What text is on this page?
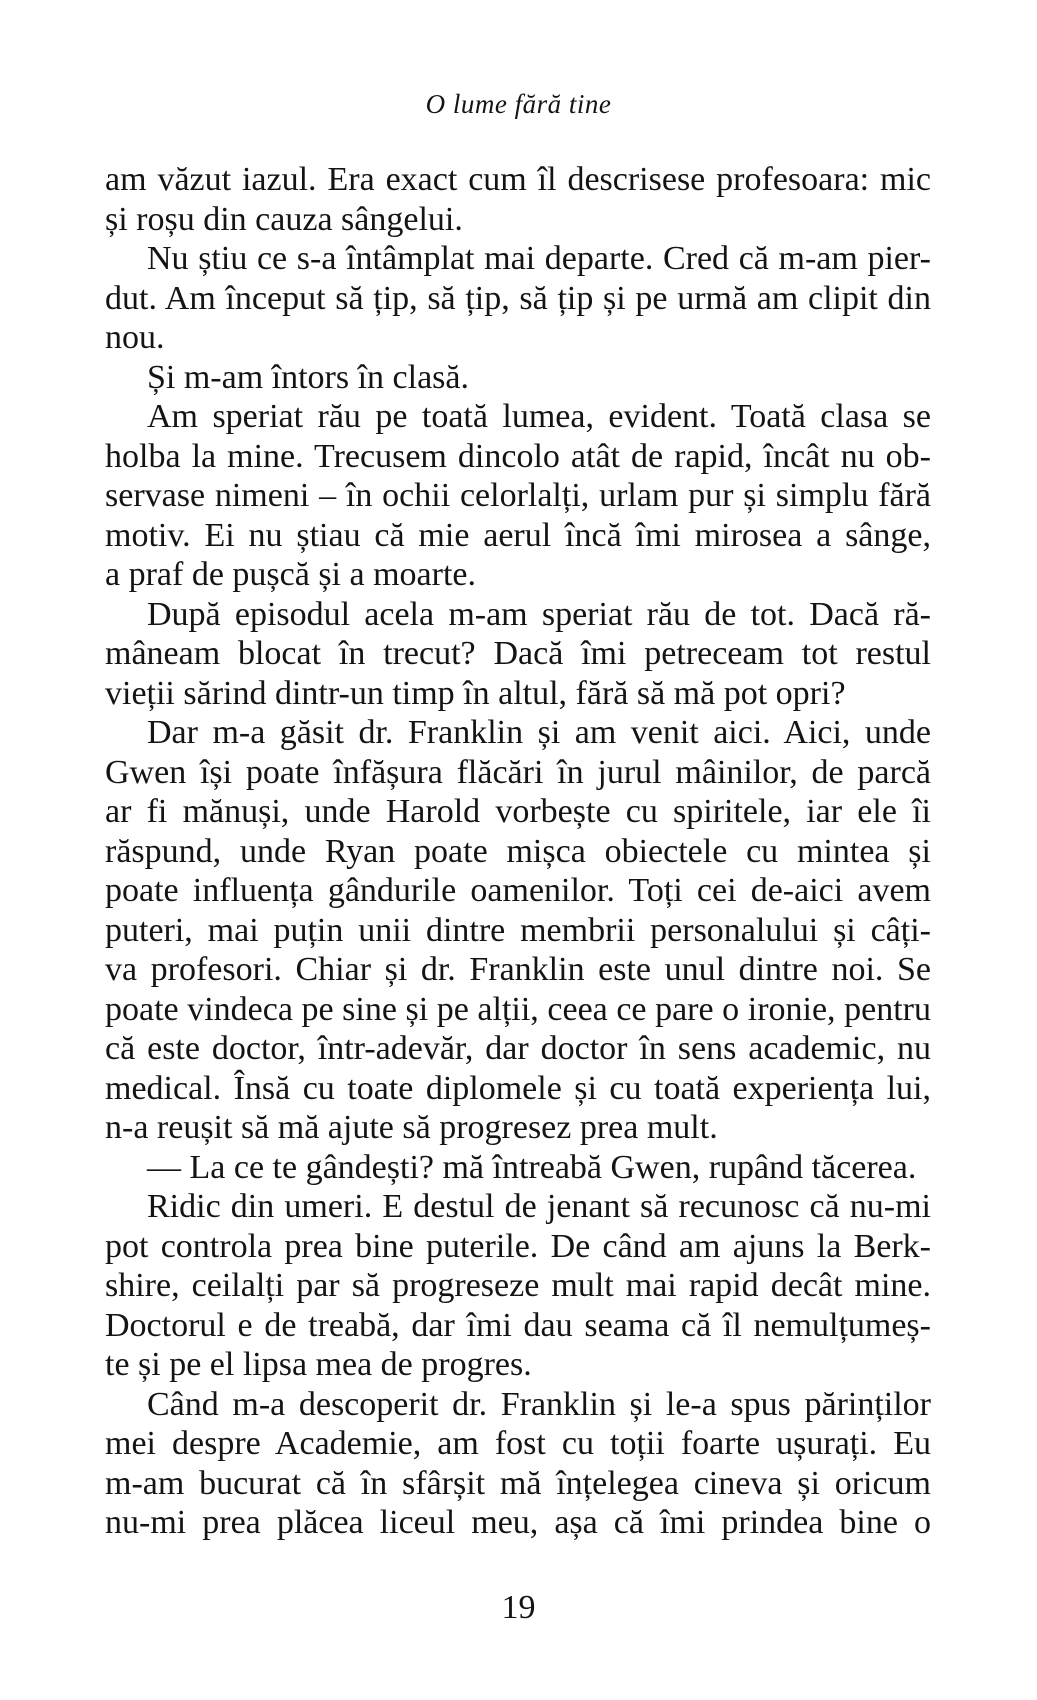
O lume fără tine
am văzut iazul. Era exact cum îl descrisese profesoara: mic
și roșu din cauza sângelui.
Nu știu ce s-a întâmplat mai departe. Cred că m-am pier-
dut. Am început să țip, să țip, să țip și pe urmă am clipit din
nou.
Și m-am întors în clasă.
Am speriat rău pe toată lumea, evident. Toată clasa se
holba la mine. Trecusem dincolo atât de rapid, încât nu ob-
servase nimeni – în ochii celorlalți, urlam pur și simplu fără
motiv. Ei nu știau că mie aerul încă îmi mirosea a sânge,
a praf de pușcă și a moarte.
După episodul acela m-am speriat rău de tot. Dacă ră-
mâneam blocat în trecut? Dacă îmi petreceam tot restul
vieții sărind dintr-un timp în altul, fără să mă pot opri?
Dar m-a găsit dr. Franklin și am venit aici. Aici, unde
Gwen își poate înfășura flăcări în jurul mâinilor, de parcă
ar fi mănuși, unde Harold vorbește cu spiritele, iar ele îi
răspund, unde Ryan poate mișca obiectele cu mintea și
poate influența gândurile oamenilor. Toți cei de-aici avem
puteri, mai puțin unii dintre membrii personalului și câți-
va profesori. Chiar și dr. Franklin este unul dintre noi. Se
poate vindeca pe sine și pe alții, ceea ce pare o ironie, pentru
că este doctor, într-adevăr, dar doctor în sens academic, nu
medical. Însă cu toate diplomele și cu toată experiența lui,
n-a reușit să mă ajute să progresez prea mult.
— La ce te gândești? mă întreabă Gwen, rupând tăcerea.
Ridic din umeri. E destul de jenant să recunosc că nu-mi
pot controla prea bine puterile. De când am ajuns la Berk-
shire, ceilalți par să progreseze mult mai rapid decât mine.
Doctorul e de treabă, dar îmi dau seama că îl nemulțumeș-
te și pe el lipsa mea de progres.
Când m-a descoperit dr. Franklin și le-a spus părinților
mei despre Academie, am fost cu toții foarte ușurați. Eu
m-am bucurat că în sfârșit mă înțelegea cineva și oricum
nu-mi prea plăcea liceul meu, așa că îmi prindea bine o
19
